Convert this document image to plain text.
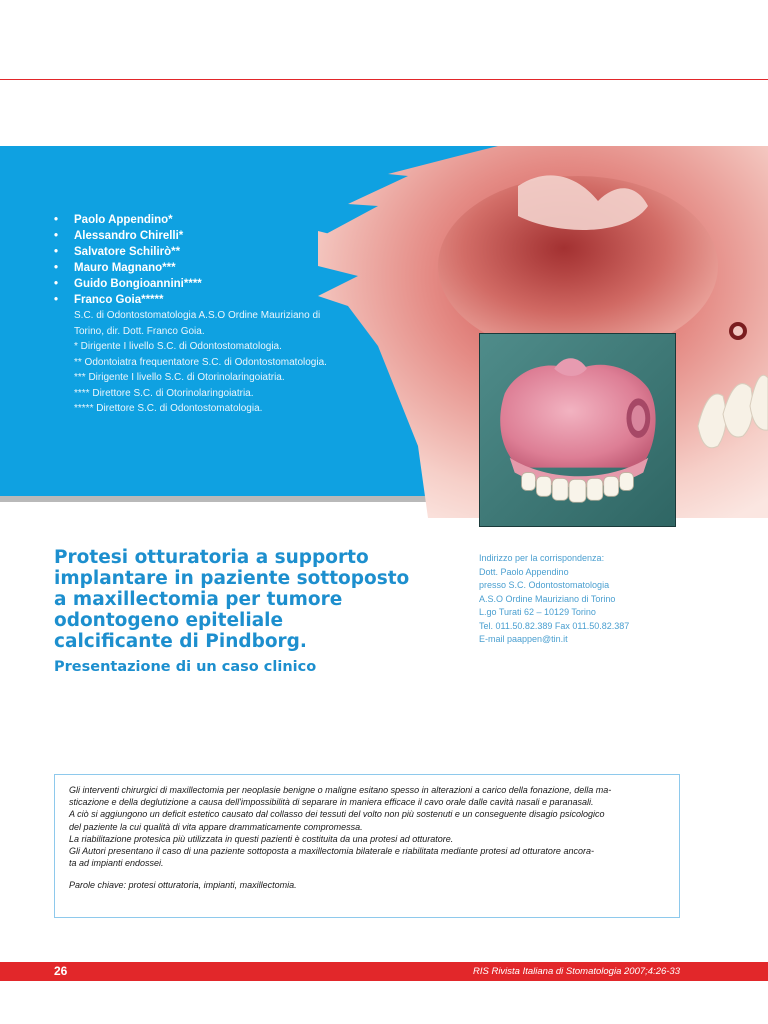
• Paolo Appendino*
• Alessandro Chirelli*
• Salvatore Schilirò**
• Mauro Magnano***
• Guido Bongioannini****
• Franco Goia*****
S.C. di Odontostomatologia A.S.O Ordine Mauriziano di
Torino, dir. Dott. Franco Goia.
* Dirigente I livello S.C. di Odontostomatologia.
** Odontoiatra frequentatore S.C. di Odontostomatologia.
*** Dirigente I livello S.C. di Otorinolaringoiatria.
**** Direttore S.C. di Otorinolaringoiatria.
***** Direttore S.C. di Odontostomatologia.
Protesi otturatoria a supporto
implantare in paziente sottoposto
a maxillectomia per tumore
odontogeno epiteliale
calcificante di Pindborg.
Presentazione di un caso clinico
Indirizzo per la corrispondenza:
Dott. Paolo Appendino
presso S.C. Odontostomatologia
A.S.O Ordine Mauriziano di Torino
L.go Turati 62 – 10129 Torino
Tel. 011.50.82.389 Fax 011.50.82.387
E-mail paappen@tin.it

Gli interventi chirurgici di maxillectomia per neoplasie benigne o maligne esitano spesso in alterazioni a carico della fonazione, della ma-

sticazione e della deglutizione a causa dell'impossibilità di separare in maniera efficace il cavo orale dalle cavità nasali e paranasali.

A ciò si aggiungono un deficit estetico causato dal collasso dei tessuti del volto non più sostenuti e un conseguente disagio psicologico

del paziente la cui qualità di vita appare drammaticamente compromessa.

La riabilitazione protesica più utilizzata in questi pazienti è costituita da una protesi ad otturatore.

Gli Autori presentano il caso di una paziente sottoposta a maxillectomia bilaterale e riabilitata mediante protesi ad otturatore ancora-

ta ad impianti endossei.

Parole chiave: protesi otturatoria, impianti, maxillectomia.

26	RIS Rivista Italiana di Stomatologia 2007;4:26-33
